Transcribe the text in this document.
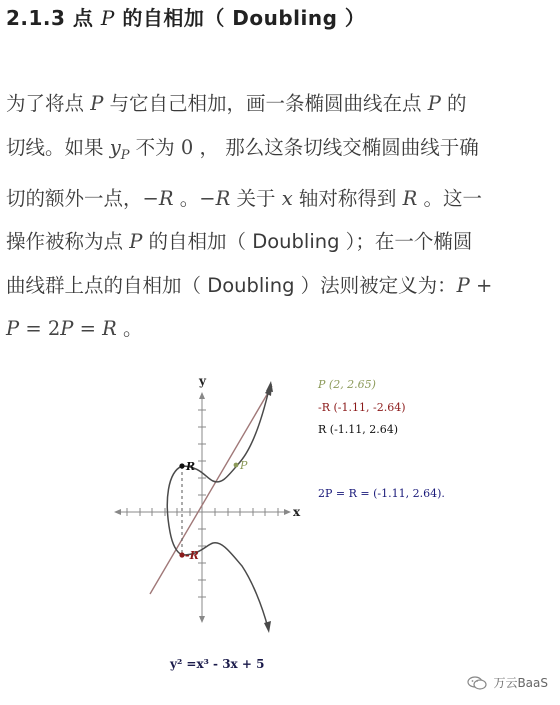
2.1.3 点 P 的自相加（ Doubling ）

为了将点 P 与它自己相加，画一条椭圆曲线在点 P 的
切线。如果 $y_P$ 不为 0 ， 那么这条切线交椭圆曲线于确
切的额外一点，−R 。−R 关于 x 轴对称得到 R 。这一
操作被称为点 P 的自相加（ Doubling ）；在一个椭圆
曲线群上点的自相加（ Doubling ）法则被定义为：P +
P = 2P = R 。

y
x
R
-R
P
P (2, 2.65)
-R (-1.11, -2.64)
R (-1.11, 2.64)
2P = R = (-1.11, 2.64).
y² =x³ - 3x + 5
万云BaaS
